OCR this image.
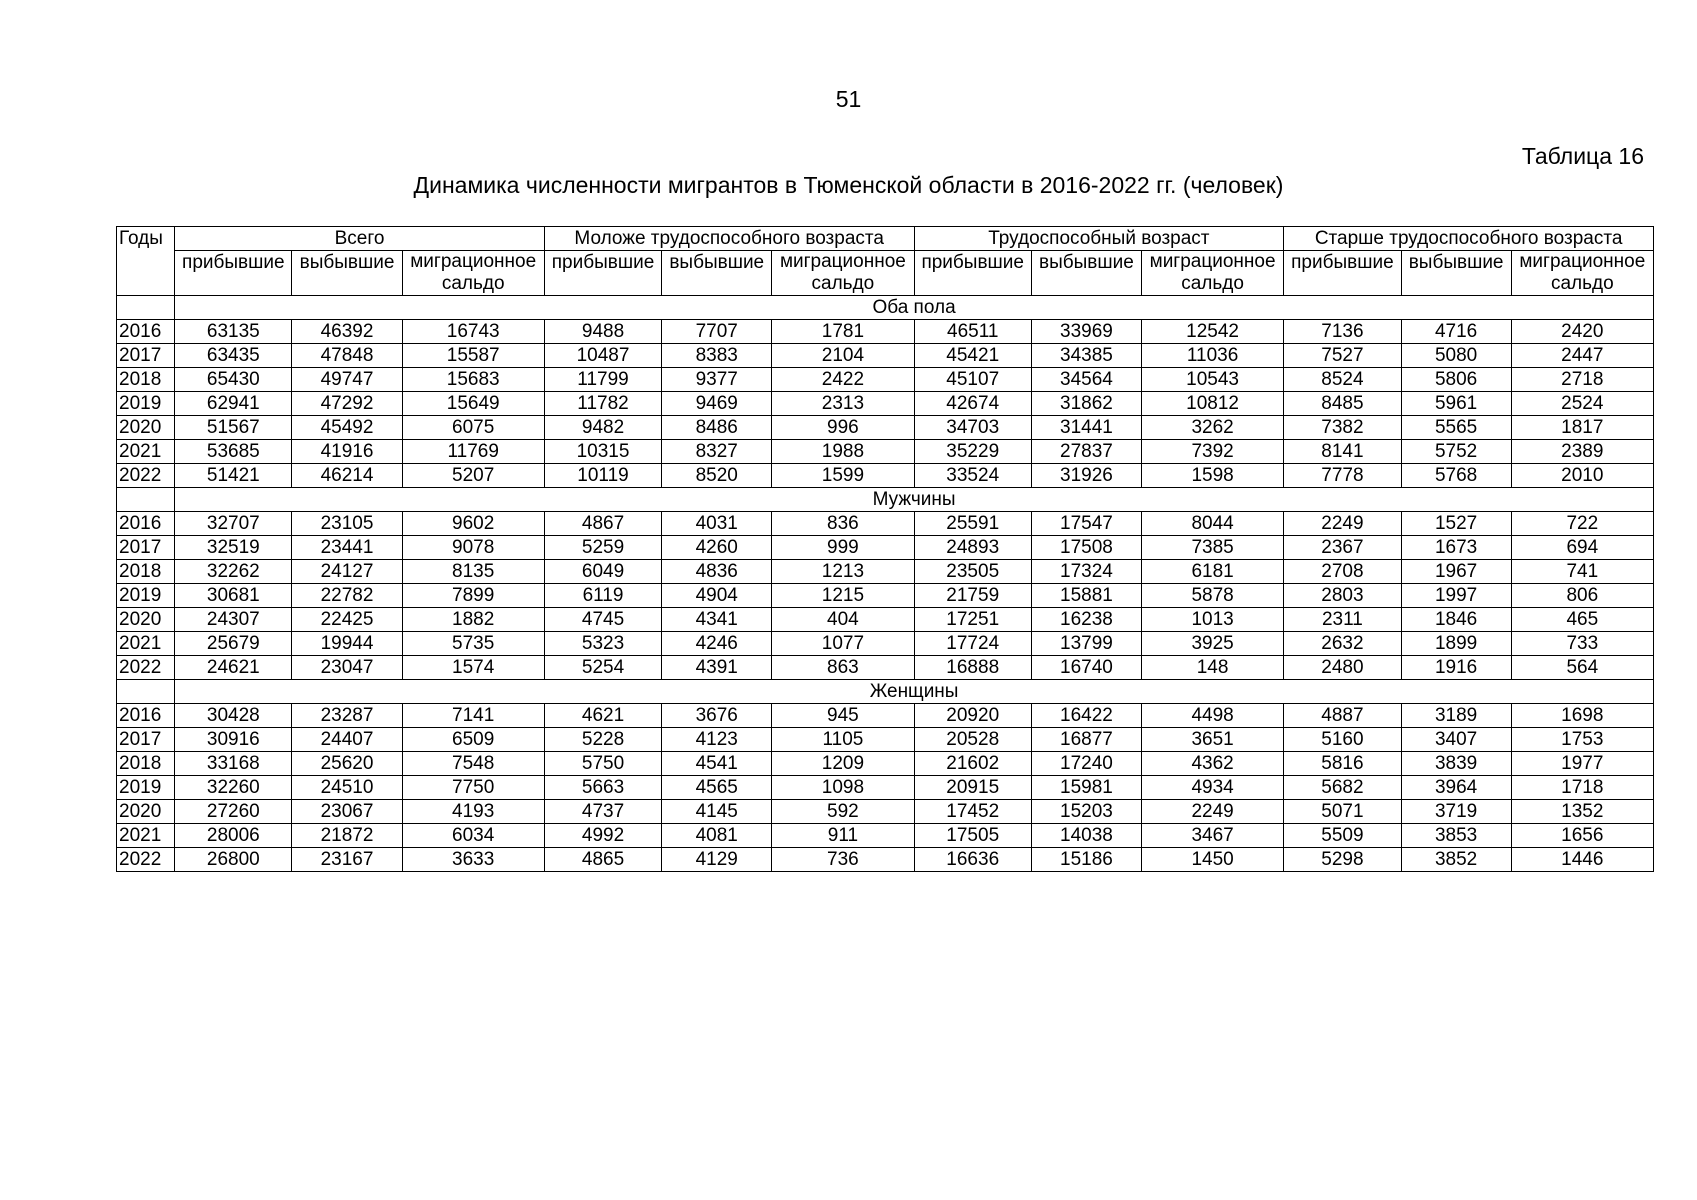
51
Таблица 16
Динамика численности мигрантов в Тюменской области в 2016-2022 гг. (человек)
Годы	Всего			Моложе трудоспособного возраста			Трудоспособный возраст			Старше трудоспособного возраста		
	прибывшие	выбывшие	миграционное сальдо	прибывшие	выбывшие	миграционное сальдо	прибывшие	выбывшие	миграционное сальдо	прибывшие	выбывшие	миграционное сальдо
	Оба пола											
2016	63135	46392	16743	9488	7707	1781	46511	33969	12542	7136	4716	2420
2017	63435	47848	15587	10487	8383	2104	45421	34385	11036	7527	5080	2447
2018	65430	49747	15683	11799	9377	2422	45107	34564	10543	8524	5806	2718
2019	62941	47292	15649	11782	9469	2313	42674	31862	10812	8485	5961	2524
2020	51567	45492	6075	9482	8486	996	34703	31441	3262	7382	5565	1817
2021	53685	41916	11769	10315	8327	1988	35229	27837	7392	8141	5752	2389
2022	51421	46214	5207	10119	8520	1599	33524	31926	1598	7778	5768	2010
	Мужчины											
2016	32707	23105	9602	4867	4031	836	25591	17547	8044	2249	1527	722
2017	32519	23441	9078	5259	4260	999	24893	17508	7385	2367	1673	694
2018	32262	24127	8135	6049	4836	1213	23505	17324	6181	2708	1967	741
2019	30681	22782	7899	6119	4904	1215	21759	15881	5878	2803	1997	806
2020	24307	22425	1882	4745	4341	404	17251	16238	1013	2311	1846	465
2021	25679	19944	5735	5323	4246	1077	17724	13799	3925	2632	1899	733
2022	24621	23047	1574	5254	4391	863	16888	16740	148	2480	1916	564
	Женщины											
2016	30428	23287	7141	4621	3676	945	20920	16422	4498	4887	3189	1698
2017	30916	24407	6509	5228	4123	1105	20528	16877	3651	5160	3407	1753
2018	33168	25620	7548	5750	4541	1209	21602	17240	4362	5816	3839	1977
2019	32260	24510	7750	5663	4565	1098	20915	15981	4934	5682	3964	1718
2020	27260	23067	4193	4737	4145	592	17452	15203	2249	5071	3719	1352
2021	28006	21872	6034	4992	4081	911	17505	14038	3467	5509	3853	1656
2022	26800	23167	3633	4865	4129	736	16636	15186	1450	5298	3852	1446
